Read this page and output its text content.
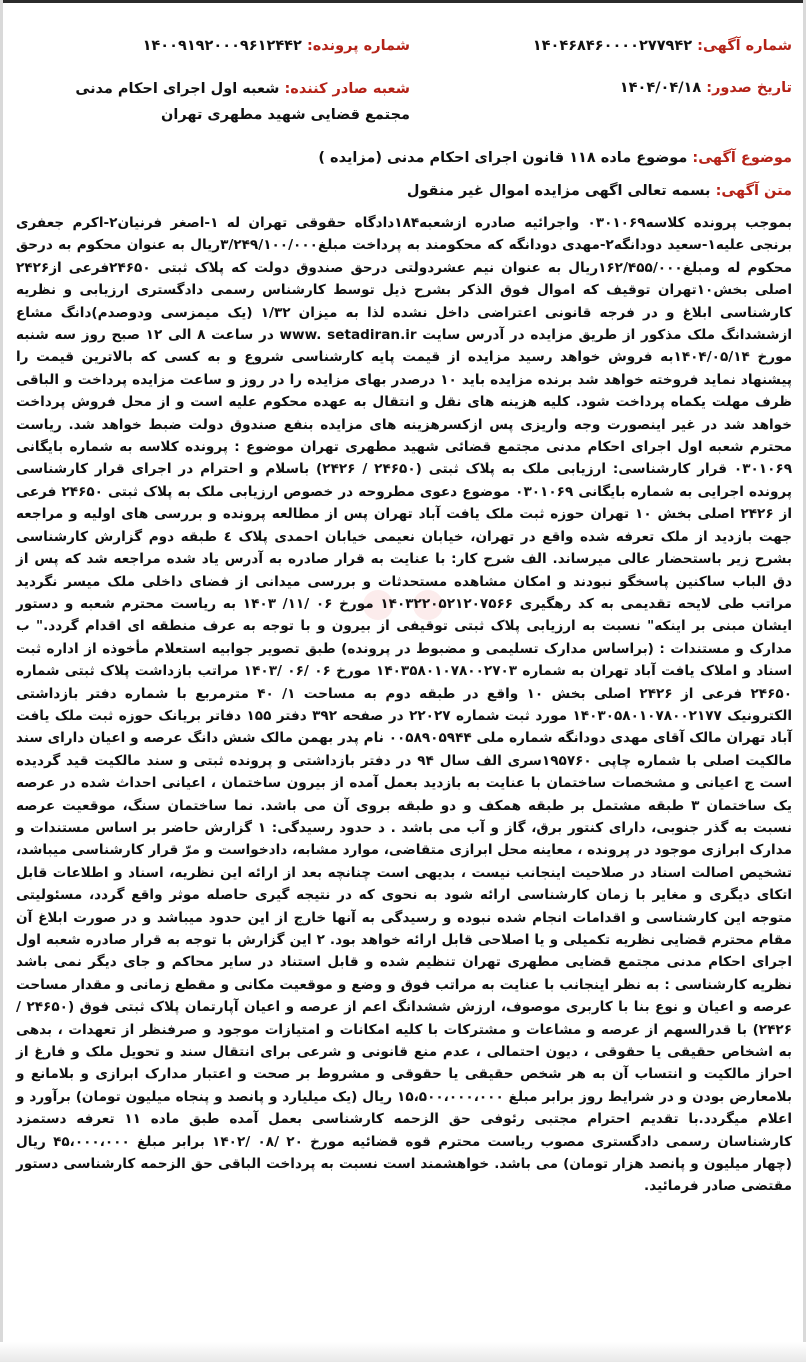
شماره آگهی: ۱۴۰۴۶۸۴۶۰۰۰۰۲۷۷۹۴۲
تاریخ صدور: ۱۴۰۴/۰۴/۱۸
شماره پرونده: ۱۴۰۰۹۱۹۲۰۰۰۹۶۱۲۴۴۲
شعبه صادر کننده: شعبه اول اجرای احکام مدنی مجتمع قضایی شهید مطهری تهران
موضوع آگهی: موضوع ماده ۱۱۸ قانون اجرای احکام مدنی (مزایده )
متن آگهی: بسمه تعالی اگهی مزایده اموال غیر منقول
بموجب پرونده کلاسه۰۳۰۱۰۶۹ واجرائیه صادره ازشعبه۱۸۴دادگاه حقوقی تهران له ۱-اصغر فرنیان۲-اکرم جعفری برنجی علیه۱-سعید دودانگه۲-مهدی دودانگه که محکومند به پرداخت مبلغ۳/۲۴۹/۱۰۰/۰۰۰ریال به عنوان محکوم به درحق محکوم له ومبلغ۱۶۲/۴۵۵/۰۰۰ریال به عنوان نیم عشردولتی درحق صندوق دولت که پلاک ثبتی ۲۴۶۵۰فرعی از۲۴۲۶ اصلی بخش۱۰تهران توقیف که اموال فوق الذکر بشرح ذیل توسط کارشناس رسمی دادگستری ارزیابی و نظریه کارشناسی ابلاغ و در فرجه قانونی اعتراضی داخل نشده لذا به میزان ۱/۳۲ (یک میمزسی ودوصدم)دانگ مشاع ازششدانگ ملک مذکور از طریق مزایده در آدرس سایت www. setadiran.ir در ساعت ۸ الی ۱۲ صبح روز سه شنبه مورخ ۱۴۰۴/۰۵/۱۴به فروش خواهد رسید مزایده از قیمت پایه کارشناسی شروع و به کسی که بالاترین قیمت را پیشنهاد نماید فروخته خواهد شد برنده مزایده باید ۱۰ درصدر بهای مزایده را در روز و ساعت مزایده پرداخت و الباقی ظرف مهلت یکماه پرداخت شود. کلیه هزینه های نقل و انتقال به عهده محکوم علیه است و از محل فروش پرداخت خواهد شد در غیر اینصورت وجه واریزی پس ازکسرهزینه های مزایده بنفع صندوق دولت ضبط خواهد شد. ریاست محترم شعبه اول اجرای احکام مدنی مجتمع قضائی شهید مطهری تهران موضوع : پرونده کلاسه به شماره بایگانی ۰۳۰۱۰۶۹ قرار کارشناسی: ارزیابی ملک به پلاک ثبتی (۲۴۶۵۰ / ۲۴۲۶) باسلام و احترام در اجرای قرار کارشناسی پرونده اجرایی به شماره بایگانی ۰۳۰۱۰۶۹ موضوع دعوی مطروحه در خصوص ارزیابی ملک به پلاک ثبتی ۲۴۶۵۰ فرعی از ۲۴۲۶ اصلی بخش ۱۰ تهران حوزه ثبت ملک یافت آباد تهران پس از مطالعه پرونده و بررسی های اولیه و مراجعه جهت بازدید از ملک تعرفه شده واقع در تهران، خیابان نعیمی خیابان احمدی پلاک ٤ طبقه دوم گزارش کارشناسی بشرح زیر باستحضار عالی میرساند. الف شرح کار: با عنایت به قرار صادره به آدرس یاد شده مراجعه شد که پس از دق الباب ساکنین پاسخگو نبودند و امکان مشاهده مستحدثات و بررسی میدانی از فضای داخلی ملک میسر نگردید مراتب طی لایحه تقدیمی به کد رهگیری ۱۴۰۳۲۲۰۵۲۱۲۰۷۵۶۶ مورخ ۰۶ /۱۱/ ۱۴۰۳ به ریاست محترم شعبه و دستور ایشان مبنی بر اینکه" نسبت به ارزیابی پلاک ثبتی توقیفی از بیرون و با توجه به عرف منطقه ای اقدام گردد." ب مدارک و مستندات : (براساس مدارک تسلیمی و مضبوط در پرونده) طبق تصویر جوابیه استعلام مأخوذه از اداره ثبت اسناد و املاک یافت آباد تهران به شماره ۱۴۰۳۵۸۰۱۰۷۸۰۰۲۷۰۳ مورخ ۰۶ /۰۶ /۱۴۰۳ مراتب بازداشت پلاک ثبتی شماره ۲۴۶۵۰ فرعی از ۲۴۲۶ اصلی بخش ۱۰ واقع در طبقه دوم به مساحت ۱/ ۴۰ مترمربع با شماره دفتر بازداشتی الکترونیک ۱۴۰۳۰۵۸۰۱۰۷۸۰۰۲۱۷۷ مورد ثبت شماره ۲۲۰۲۷ در صفحه ۳۹۲ دفتر ۱۵۵ دفاتر بریانک حوزه ثبت ملک یافت آباد تهران مالک آقای مهدی دودانگه شماره ملی ۰۰۵۸۹۰۵۹۴۴ نام پدر بهمن مالک شش دانگ عرصه و اعیان دارای سند مالکیت اصلی با شماره چاپی ۱۹۵۷۶۰سری الف سال ۹۴ در دفتر بازداشتی و پرونده ثبتی و سند مالکیت قید گردیده است ج اعیانی و مشخصات ساختمان با عنایت به بازدید بعمل آمده از بیرون ساختمان ، اعیانی احداث شده در عرصه یک ساختمان ۳ طبقه مشتمل بر طبقه همکف و دو طبقه بروی آن می باشد. نما ساختمان سنگ، موقعیت عرصه نسبت به گذر جنوبی، دارای کنتور برق، گاز و آب می باشد . د حدود رسیدگی: ۱ گزارش حاضر بر اساس مستندات و مدارک ابرازی موجود در پرونده ، معاینه محل ابرازی متقاضی، موارد مشابه، دادخواست و مرّ قرار کارشناسی میباشد، تشخیص اصالت اسناد در صلاحیت اینجانب نیست ، بدیهی است چنانچه بعد از ارائه این نظریه، اسناد و اطلاعات قابل اتکای دیگری و مغایر با زمان کارشناسی ارائه شود به نحوی که در نتیجه گیری حاصله موثر واقع گردد، مسئولیتی متوجه این کارشناسی و اقدامات انجام شده نبوده و رسیدگی به آنها خارج از این حدود میباشد و در صورت ابلاغ آن مقام محترم قضایی نظریه تکمیلی و یا اصلاحی قابل ارائه خواهد بود. ۲ این گزارش با توجه به قرار صادره شعبه اول اجرای احکام مدنی مجتمع قضایی مطهری تهران تنظیم شده و قابل استناد در سایر محاکم و جای دیگر نمی باشد نظریه کارشناسی : به نظر اینجانب با عنایت به مراتب فوق و وضع و موقعیت مکانی و مقطع زمانی و مقدار مساحت عرصه و اعیان و نوع بنا با کاربری موصوف، ارزش ششدانگ اعم از عرصه و اعیان آپارتمان پلاک ثبتی فوق (۲۴۶۵۰ / ۲۴۲۶) با قدرالسهم از عرصه و مشاعات و مشترکات با کلیه امکانات و امتیازات موجود و صرفنظر از تعهدات ، بدهی به اشخاص حقیقی یا حقوقی ، دیون احتمالی ، عدم منع قانونی و شرعی برای انتقال سند و تحویل ملک و فارغ از احراز مالکیت و انتساب آن به هر شخص حقیقی یا حقوقی و مشروط بر صحت و اعتبار مدارک ابرازی و بلامانع و بلامعارض بودن و در شرایط روز برابر مبلغ ۱۵،۵۰۰،۰۰۰،۰۰۰ ریال (یک میلیارد و پانصد و پنجاه میلیون تومان) برآورد و اعلام میگردد.با تقدیم احترام مجتبی رئوفی حق الزحمه کارشناسی بعمل آمده طبق ماده ۱۱ تعرفه دستمزد کارشناسان رسمی دادگستری مصوب ریاست محترم قوه قضائیه مورخ ۲۰ /۰۸ /۱۴۰۲ برابر مبلغ ۴۵،۰۰۰،۰۰۰ ریال (چهار میلیون و پانصد هزار تومان) می باشد. خواهشمند است نسبت به پرداخت الباقی حق الزحمه کارشناسی دستور مقتضی صادر فرمائید.
